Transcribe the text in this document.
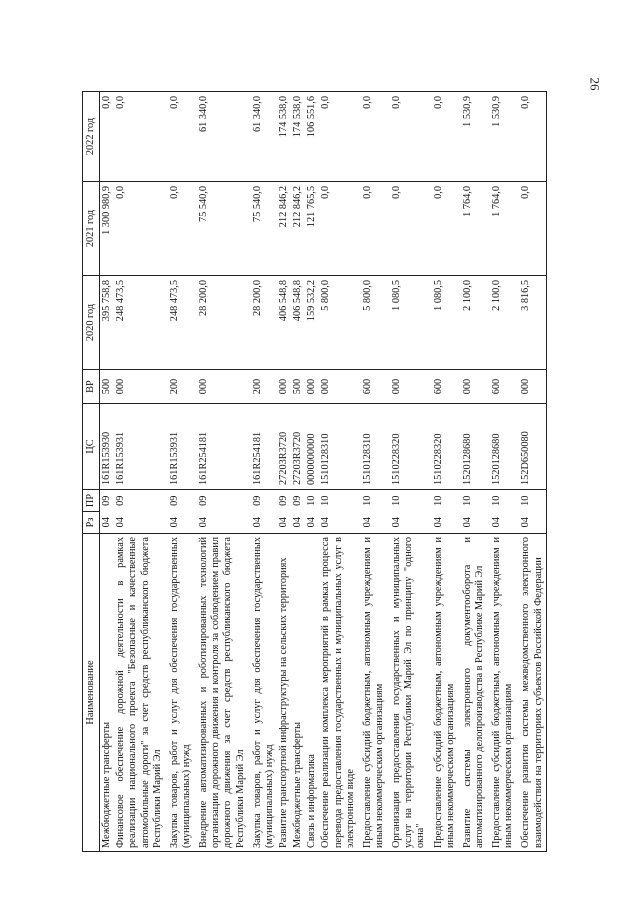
26
Наименование	Рз	ПР	ЦС	ВР	2020 год	2021 год	2022 год
Межбюджетные трансферты	04	09	161R153930	500	395 758,8	1 300 980,9	0,0
Финансовое обеспечение дорожной деятельности в рамках реализации национального проекта "Безопасные и качественные автомобильные дороги" за счет средств республиканского бюджета Республики Марий Эл	04	09	161R153931	000	248 473,5	0,0	0,0
Закупка товаров, работ и услуг для обеспечения государственных (муниципальных) нужд	04	09	161R153931	200	248 473,5	0,0	0,0
Внедрение автоматизированных и роботизированных технологий организации дорожного движения и контроля за соблюдением правил дорожного движения за счет средств республиканского бюджета Республики Марий Эл	04	09	161R254181	000	28 200,0	75 540,0	61 340,0
Закупка товаров, работ и услуг для обеспечения государственных (муниципальных) нужд	04	09	161R254181	200	28 200,0	75 540,0	61 340,0
Развитие транспортной инфраструктуры на сельских территориях	04	09	27203R3720	000	406 548,8	212 846,2	174 538,0
Межбюджетные трансферты	04	09	27203R3720	500	406 548,8	212 846,2	174 538,0
Связь и информатика	04	10	0000000000	000	159 532,2	121 765,5	106 551,6
Обеспечение реализации комплекса мероприятий в рамках процесса перевода предоставления государственных и муниципальных услуг в электронном виде	04	10	1510128310	000	5 800,0	0,0	0,0
Предоставление субсидий бюджетным, автономным учреждениям и иным некоммерческим организациям	04	10	1510128310	600	5 800,0	0,0	0,0
Организация предоставления государственных и муниципальных услуг на территории Республики Марий Эл по принципу "одного окна"	04	10	1510228320	000	1 080,5	0,0	0,0
Предоставление субсидий бюджетным, автономным учреждениям и иным некоммерческим организациям	04	10	1510228320	600	1 080,5	0,0	0,0
Развитие системы электронного документооборота и автоматизированного делопроизводства в Республике Марий Эл	04	10	1520128680	000	2 100,0	1 764,0	1 530,9
Предоставление субсидий бюджетным, автономным учреждениям и иным некоммерческим организациям	04	10	1520128680	600	2 100,0	1 764,0	1 530,9
Обеспечение развития системы межведомственного электронного взаимодействия на территориях субъектов Российской Федерации	04	10	152D650080	000	3 816,5	0,0	0,0
